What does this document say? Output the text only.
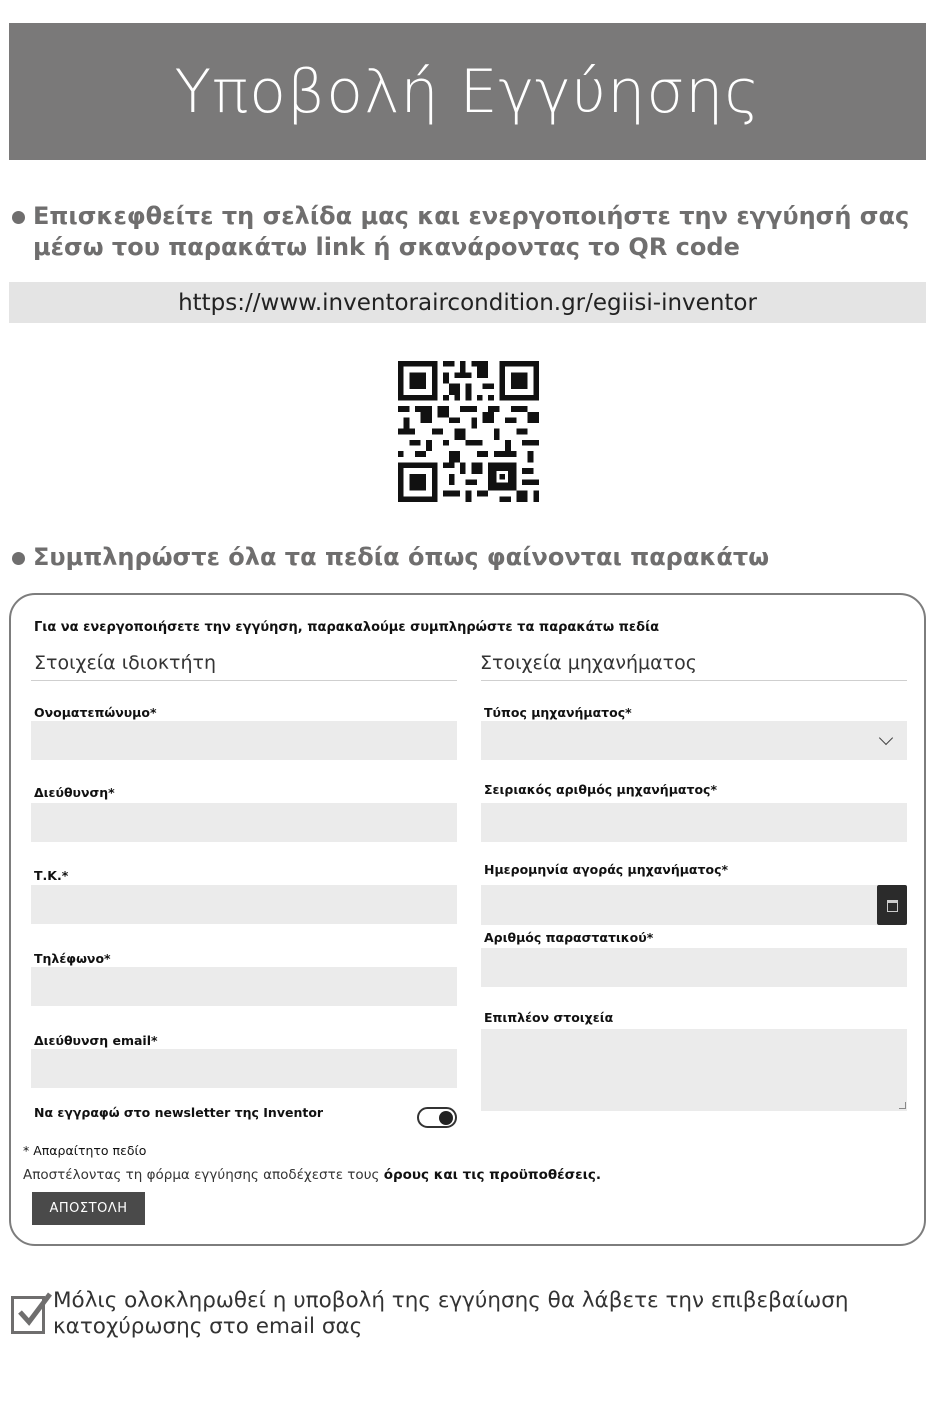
Υποβολή Εγγύησης
Επισκεφθείτε τη σελίδα μας και ενεργοποιήστε την εγγύησή σας μέσω του παρακάτω link ή σκανάροντας το QR code
https://www.inventoraircondition.gr/egiisi-inventor
Συμπληρώστε όλα τα πεδία όπως φαίνονται παρακάτω
Για να ενεργοποιήσετε την εγγύηση, παρακαλούμε συμπληρώστε τα παρακάτω πεδία
Στοιχεία ιδιοκτήτη	Στοιχεία μηχανήματος
Ονοματεπώνυμο*
Διεύθυνση*
Τ.Κ.*
Τηλέφωνο*
Διεύθυνση email*
Να εγγραφώ στο newsletter της Inventor
Τύπος μηχανήματος*
Σειριακός αριθμός μηχανήματος*
Ημερομηνία αγοράς μηχανήματος*
Αριθμός παραστατικού*
Επιπλέον στοιχεία
* Απαραίτητο πεδίο
Αποστέλοντας τη φόρμα εγγύησης αποδέχεστε τους όρους και τις προϋποθέσεις.
ΑΠΟΣΤΟΛΗ
Μόλις ολοκληρωθεί η υποβολή της εγγύησης θα λάβετε την επιβεβαίωση κατοχύρωσης στο email σας
